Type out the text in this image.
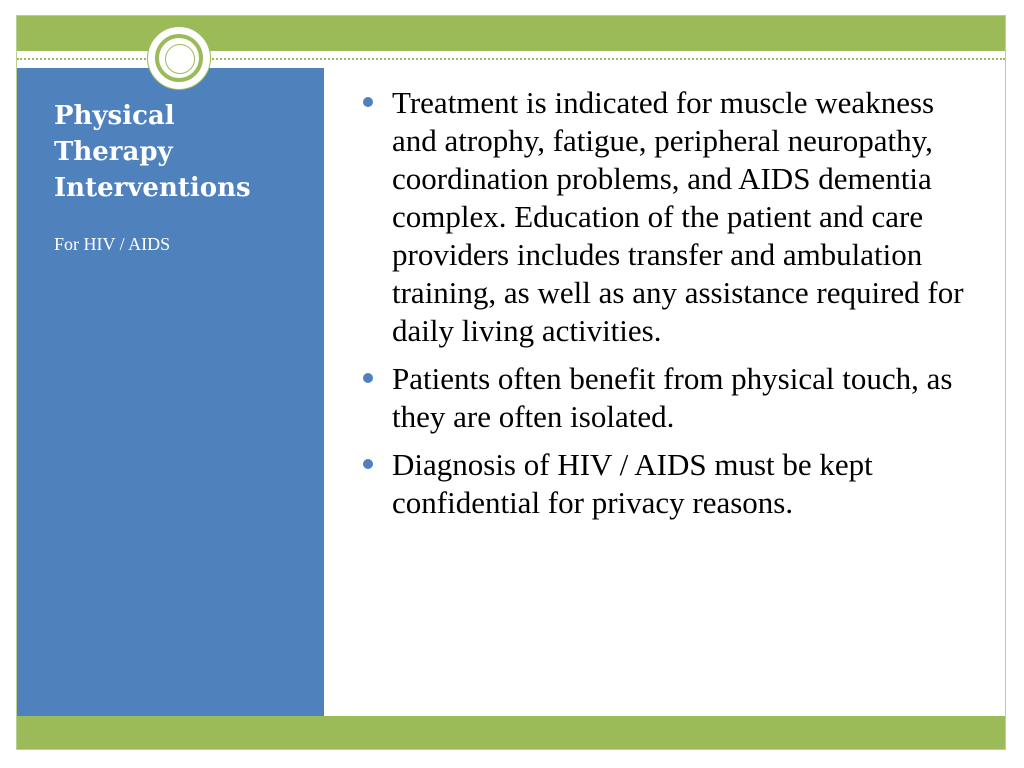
Physical
Therapy
Interventions

For HIV / AIDS

Treatment is indicated for muscle weakness and atrophy, fatigue, peripheral neuropathy, coordination problems, and AIDS dementia complex. Education of the patient and care providers includes transfer and ambulation training, as well as any assistance required for daily living activities.
Patients often benefit from physical touch, as they are often isolated.
Diagnosis of HIV / AIDS must be kept confidential for privacy reasons.
